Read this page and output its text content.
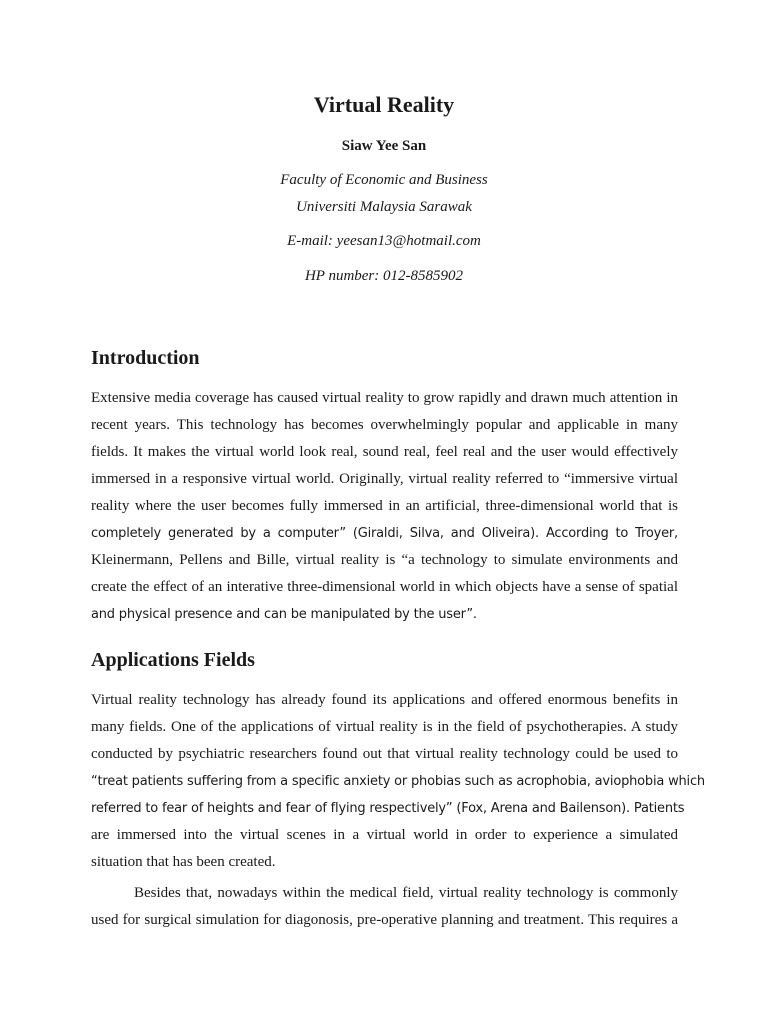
Virtual Reality

Siaw Yee San

Faculty of Economic and Business

Universiti Malaysia Sarawak

E-mail: yeesan13@hotmail.com

HP number: 012-8585902

Introduction
Extensive media coverage has caused virtual reality to grow rapidly and drawn much attention in
recent years. This technology has becomes overwhelmingly popular and applicable in many
fields. It makes the virtual world look real, sound real, feel real and the user would effectively
immersed in a responsive virtual world. Originally, virtual reality referred to “immersive virtual
reality where the user becomes fully immersed in an artificial, three-dimensional world that is
completely generated by a computer” (Giraldi, Silva, and Oliveira). According to Troyer,
Kleinermann, Pellens and Bille, virtual reality is “a technology to simulate environments and
create the effect of an interative three-dimensional world in which objects have a sense of spatial
and physical presence and can be manipulated by the user”.
Applications Fields
Virtual reality technology has already found its applications and offered enormous benefits in
many fields. One of the applications of virtual reality is in the field of psychotherapies. A study
conducted by psychiatric researchers found out that virtual reality technology could be used to
“treat patients suffering from a specific anxiety or phobias such as acrophobia, aviophobia which
referred to fear of heights and fear of flying respectively” (Fox, Arena and Bailenson). Patients
are immersed into the virtual scenes in a virtual world in order to experience a simulated
situation that has been created.
Besides that, nowadays within the medical field, virtual reality technology is commonly
used for surgical simulation for diagonosis, pre-operative planning and treatment. This requires a
